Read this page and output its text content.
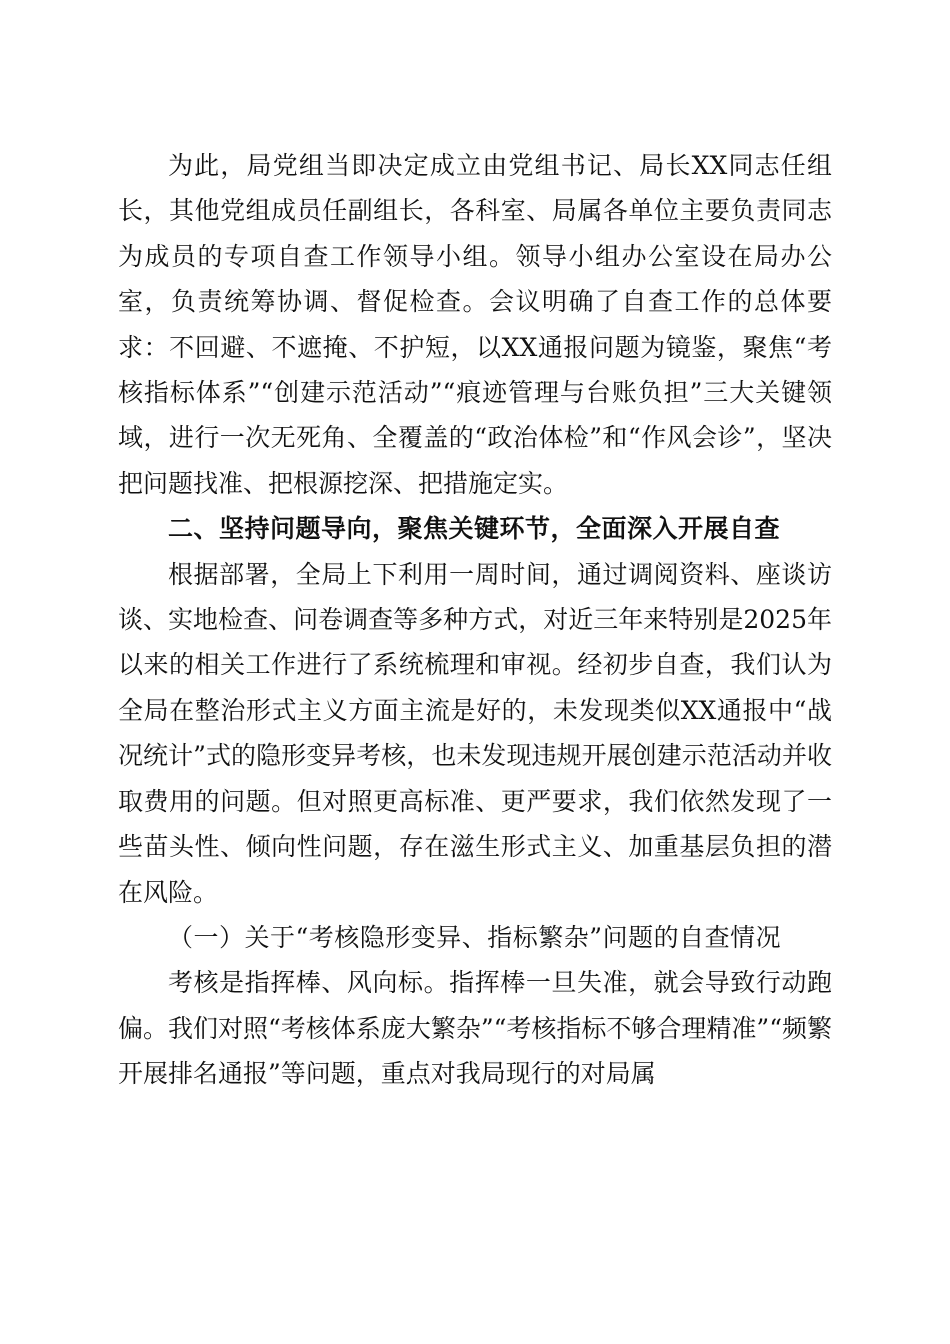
为此，局党组当即决定成立由党组书记、局长XX同志任组长，其他党组成员任副组长，各科室、局属各单位主要负责同志为成员的专项自查工作领导小组。领导小组办公室设在局办公室，负责统筹协调、督促检查。会议明确了自查工作的总体要求：不回避、不遮掩、不护短，以XX通报问题为镜鉴，聚焦“考核指标体系”“创建示范活动”“痕迹管理与台账负担”三大关键领域，进行一次无死角、全覆盖的“政治体检”和“作风会诊”，坚决把问题找准、把根源挖深、把措施定实。

二、坚持问题导向，聚焦关键环节，全面深入开展自查

根据部署，全局上下利用一周时间，通过调阅资料、座谈访谈、实地检查、问卷调查等多种方式，对近三年来特别是2025年以来的相关工作进行了系统梳理和审视。经初步自查，我们认为全局在整治形式主义方面主流是好的，未发现类似XX通报中“战况统计”式的隐形变异考核，也未发现违规开展创建示范活动并收取费用的问题。但对照更高标准、更严要求，我们依然发现了一些苗头性、倾向性问题，存在滋生形式主义、加重基层负担的潜在风险。

（一）关于“考核隐形变异、指标繁杂”问题的自查情况

考核是指挥棒、风向标。指挥棒一旦失准，就会导致行动跑偏。我们对照“考核体系庞大繁杂”“考核指标不够合理精准”“频繁开展排名通报”等问题，重点对我局现行的对局属
